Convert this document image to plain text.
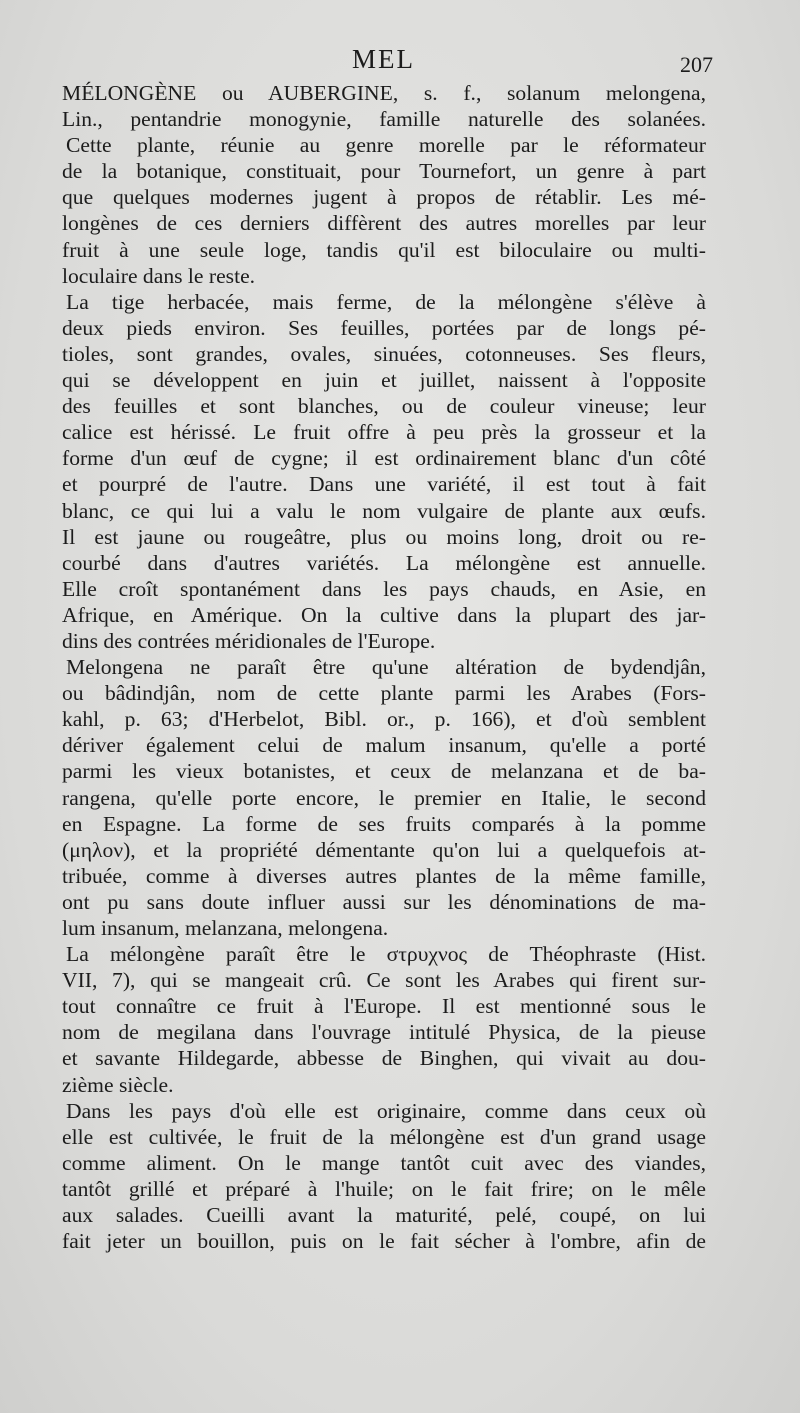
MEL	207
MÉLONGÈNE ou AUBERGINE, s. f., solanum melongena,
Lin., pentandrie monogynie, famille naturelle des solanées.
Cette plante, réunie au genre morelle par le réformateur
de la botanique, constituait, pour Tournefort, un genre à part
que quelques modernes jugent à propos de rétablir. Les mé-
longènes de ces derniers diffèrent des autres morelles par leur
fruit à une seule loge, tandis qu'il est biloculaire ou multi-
loculaire dans le reste.
La tige herbacée, mais ferme, de la mélongène s'élève à
deux pieds environ. Ses feuilles, portées par de longs pé-
tioles, sont grandes, ovales, sinuées, cotonneuses. Ses fleurs,
qui se développent en juin et juillet, naissent à l'opposite
des feuilles et sont blanches, ou de couleur vineuse; leur
calice est hérissé. Le fruit offre à peu près la grosseur et la
forme d'un œuf de cygne; il est ordinairement blanc d'un côté
et pourpré de l'autre. Dans une variété, il est tout à fait
blanc, ce qui lui a valu le nom vulgaire de plante aux œufs.
Il est jaune ou rougeâtre, plus ou moins long, droit ou re-
courbé dans d'autres variétés. La mélongène est annuelle.
Elle croît spontanément dans les pays chauds, en Asie, en
Afrique, en Amérique. On la cultive dans la plupart des jar-
dins des contrées méridionales de l'Europe.
Melongena ne paraît être qu'une altération de bydendjân,
ou bâdindjân, nom de cette plante parmi les Arabes (Fors-
kahl, p. 63; d'Herbelot, Bibl. or., p. 166), et d'où semblent
dériver également celui de malum insanum, qu'elle a porté
parmi les vieux botanistes, et ceux de melanzana et de ba-
rangena, qu'elle porte encore, le premier en Italie, le second
en Espagne. La forme de ses fruits comparés à la pomme
(μηλον), et la propriété démentante qu'on lui a quelquefois at-
tribuée, comme à diverses autres plantes de la même famille,
ont pu sans doute influer aussi sur les dénominations de ma-
lum insanum, melanzana, melongena.
La mélongène paraît être le στρυχνος de Théophraste (Hist.
VII, 7), qui se mangeait crû. Ce sont les Arabes qui firent sur-
tout connaître ce fruit à l'Europe. Il est mentionné sous le
nom de megilana dans l'ouvrage intitulé Physica, de la pieuse
et savante Hildegarde, abbesse de Binghen, qui vivait au dou-
zième siècle.
Dans les pays d'où elle est originaire, comme dans ceux où
elle est cultivée, le fruit de la mélongène est d'un grand usage
comme aliment. On le mange tantôt cuit avec des viandes,
tantôt grillé et préparé à l'huile; on le fait frire; on le mêle
aux salades. Cueilli avant la maturité, pelé, coupé, on lui
fait jeter un bouillon, puis on le fait sécher à l'ombre, afin de
